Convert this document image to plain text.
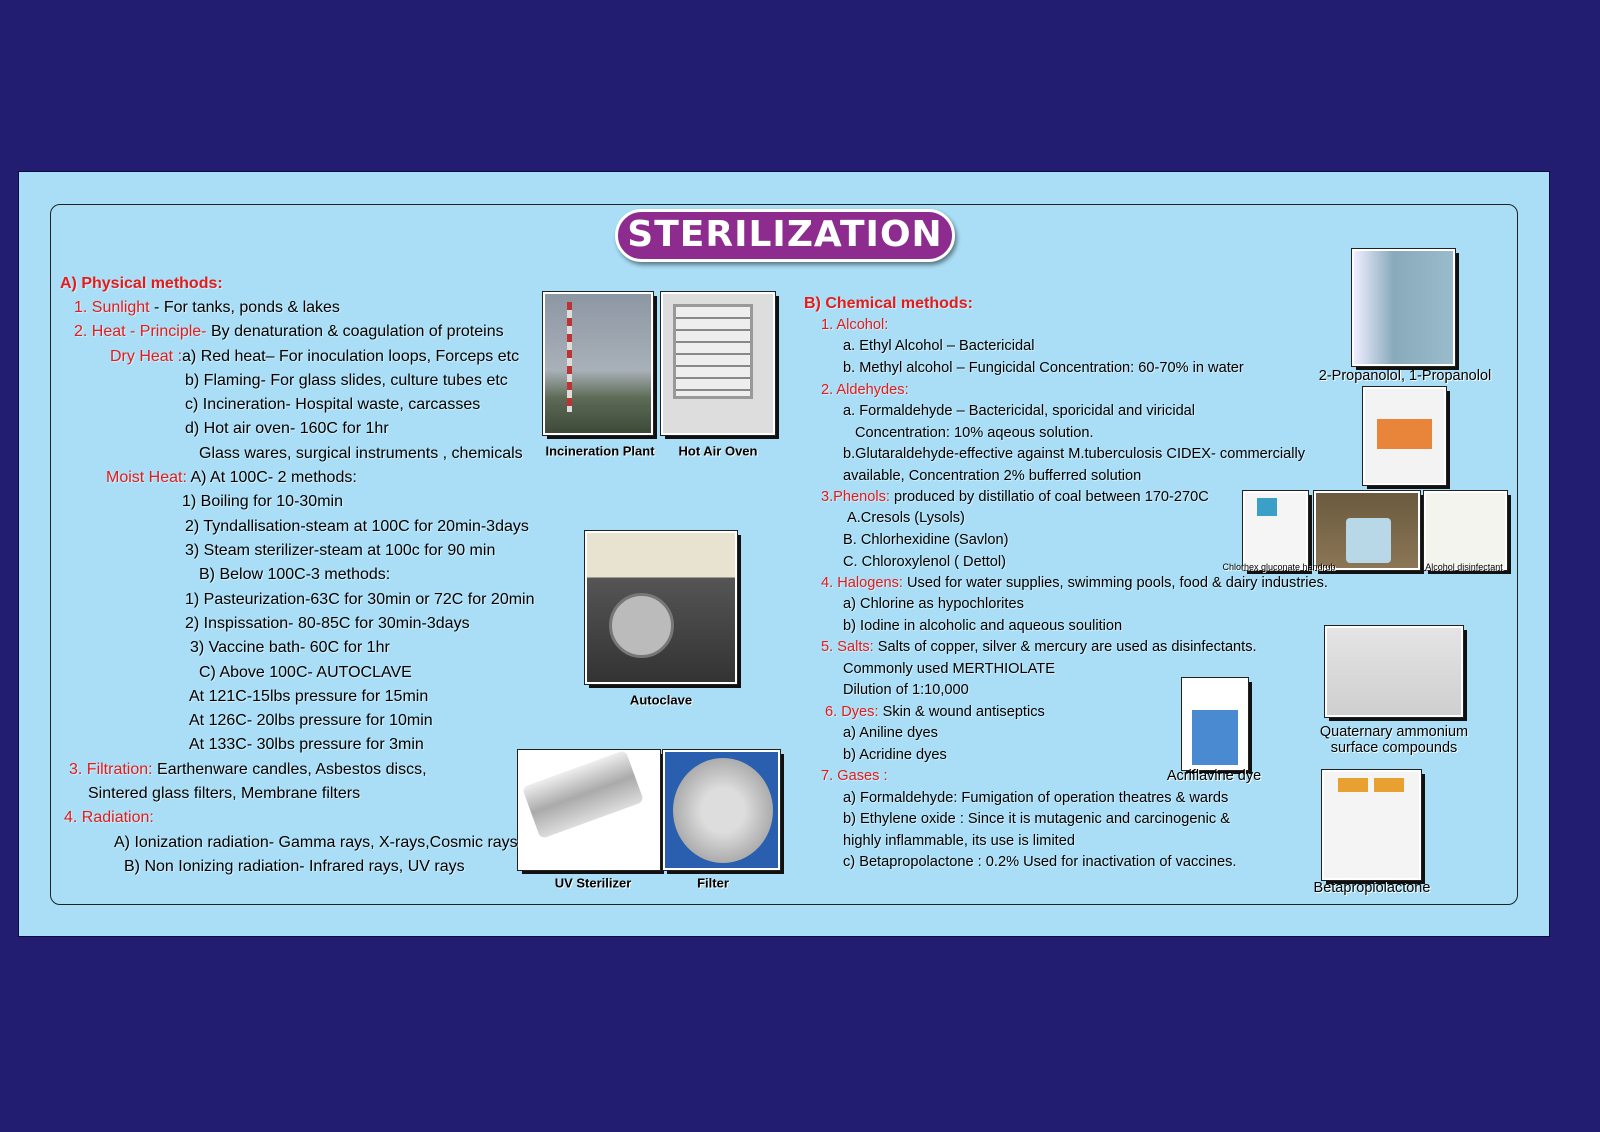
STERILIZATION
A) Physical methods:
1. Sunlight - For tanks, ponds & lakes
2. Heat - Principle- By denaturation & coagulation of proteins
Dry Heat :a) Red heat– For inoculation loops, Forceps etc
b) Flaming- For glass slides, culture tubes etc
c) Incineration- Hospital waste, carcasses
d) Hot air oven- 160C for 1hr
Glass wares, surgical instruments , chemicals
Moist Heat: A) At 100C- 2 methods:
1) Boiling for 10-30min
2) Tyndallisation-steam at 100C for 20min-3days
3) Steam sterilizer-steam at 100c for 90 min
B) Below 100C-3 methods:
1) Pasteurization-63C for 30min or 72C for 20min
2) Inspissation- 80-85C for 30min-3days
3) Vaccine bath- 60C for 1hr
C) Above 100C- AUTOCLAVE
At 121C-15lbs pressure for 15min
At 126C- 20lbs pressure for 10min
At 133C- 30lbs pressure for 3min
3. Filtration: Earthenware candles, Asbestos discs,
Sintered glass filters, Membrane filters
4. Radiation:
A) Ionization radiation- Gamma rays, X-rays,Cosmic rays
B) Non Ionizing radiation- Infrared rays, UV rays
B) Chemical methods:
1. Alcohol:
a. Ethyl Alcohol – Bactericidal
b. Methyl alcohol – Fungicidal Concentration: 60-70% in water
2. Aldehydes:
a. Formaldehyde – Bactericidal, sporicidal and viricidal
Concentration: 10% aqeous solution.
b.Glutaraldehyde-effective against M.tuberculosis CIDEX- commercially
available, Concentration 2% bufferred solution
3.Phenols: produced by distillatio of coal between 170-270C
A.Cresols (Lysols)
B. Chlorhexidine (Savlon)
C. Chloroxylenol ( Dettol)
4. Halogens: Used for water supplies, swimming pools, food & dairy industries.
a) Chlorine as hypochlorites
b) Iodine in alcoholic and aqueous soulition
5. Salts: Salts of copper, silver & mercury are used as disinfectants.
Commonly used MERTHIOLATE
Dilution of 1:10,000
6. Dyes: Skin & wound antiseptics
a) Aniline dyes
b) Acridine dyes
7. Gases :
a) Formaldehyde: Fumigation of operation theatres & wards
b) Ethylene oxide : Since it is mutagenic and carcinogenic &
highly inflammable, its use is limited
c) Betapropolactone : 0.2% Used for inactivation of vaccines.
Incineration Plant Hot Air Oven
Autoclave
UV Sterilizer	Filter
2-Propanolol, 1-Propanolol
Chlorhex gluconate handrub	Alcohol disinfectant
Quaternary ammonium
surface compounds
Acriflavine dye
Betapropiolactone
